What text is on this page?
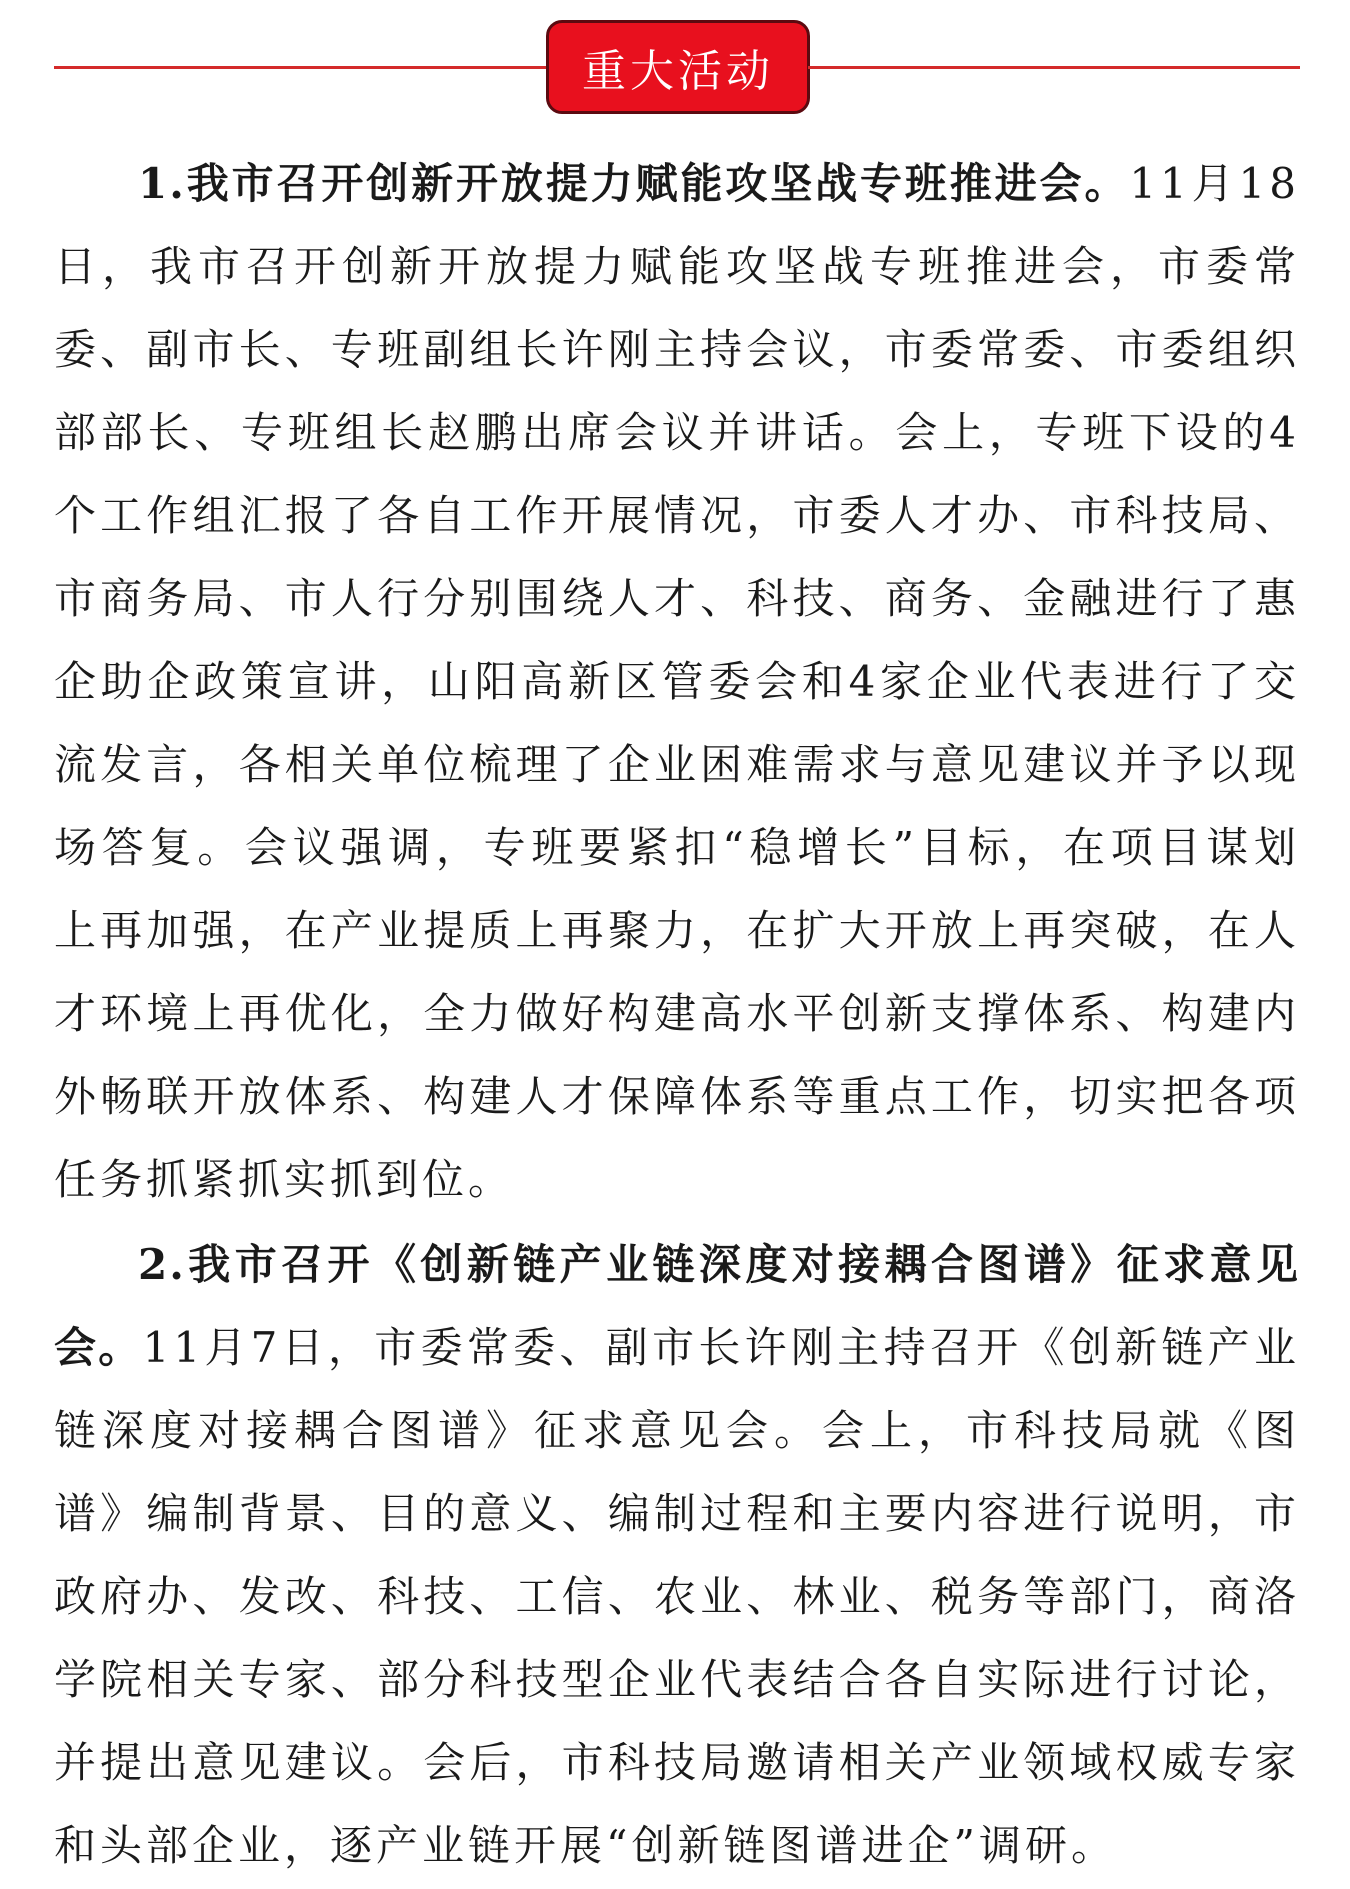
重大活动

1.我市召开创新开放提力赋能攻坚战专班推进会。11月18日，我市召开创新开放提力赋能攻坚战专班推进会，市委常委、副市长、专班副组长许刚主持会议，市委常委、市委组织部部长、专班组长赵鹏出席会议并讲话。会上，专班下设的4个工作组汇报了各自工作开展情况，市委人才办、市科技局、市商务局、市人行分别围绕人才、科技、商务、金融进行了惠企助企政策宣讲，山阳高新区管委会和4家企业代表进行了交流发言，各相关单位梳理了企业困难需求与意见建议并予以现场答复。会议强调，专班要紧扣“稳增长”目标，在项目谋划上再加强，在产业提质上再聚力，在扩大开放上再突破，在人才环境上再优化，全力做好构建高水平创新支撑体系、构建内外畅联开放体系、构建人才保障体系等重点工作，切实把各项任务抓紧抓实抓到位。

2.我市召开《创新链产业链深度对接耦合图谱》征求意见会。11月7日，市委常委、副市长许刚主持召开《创新链产业链深度对接耦合图谱》征求意见会。会上，市科技局就《图谱》编制背景、目的意义、编制过程和主要内容进行说明，市政府办、发改、科技、工信、农业、林业、税务等部门，商洛学院相关专家、部分科技型企业代表结合各自实际进行讨论，并提出意见建议。会后，市科技局邀请相关产业领域权威专家和头部企业，逐产业链开展“创新链图谱进企”调研。
